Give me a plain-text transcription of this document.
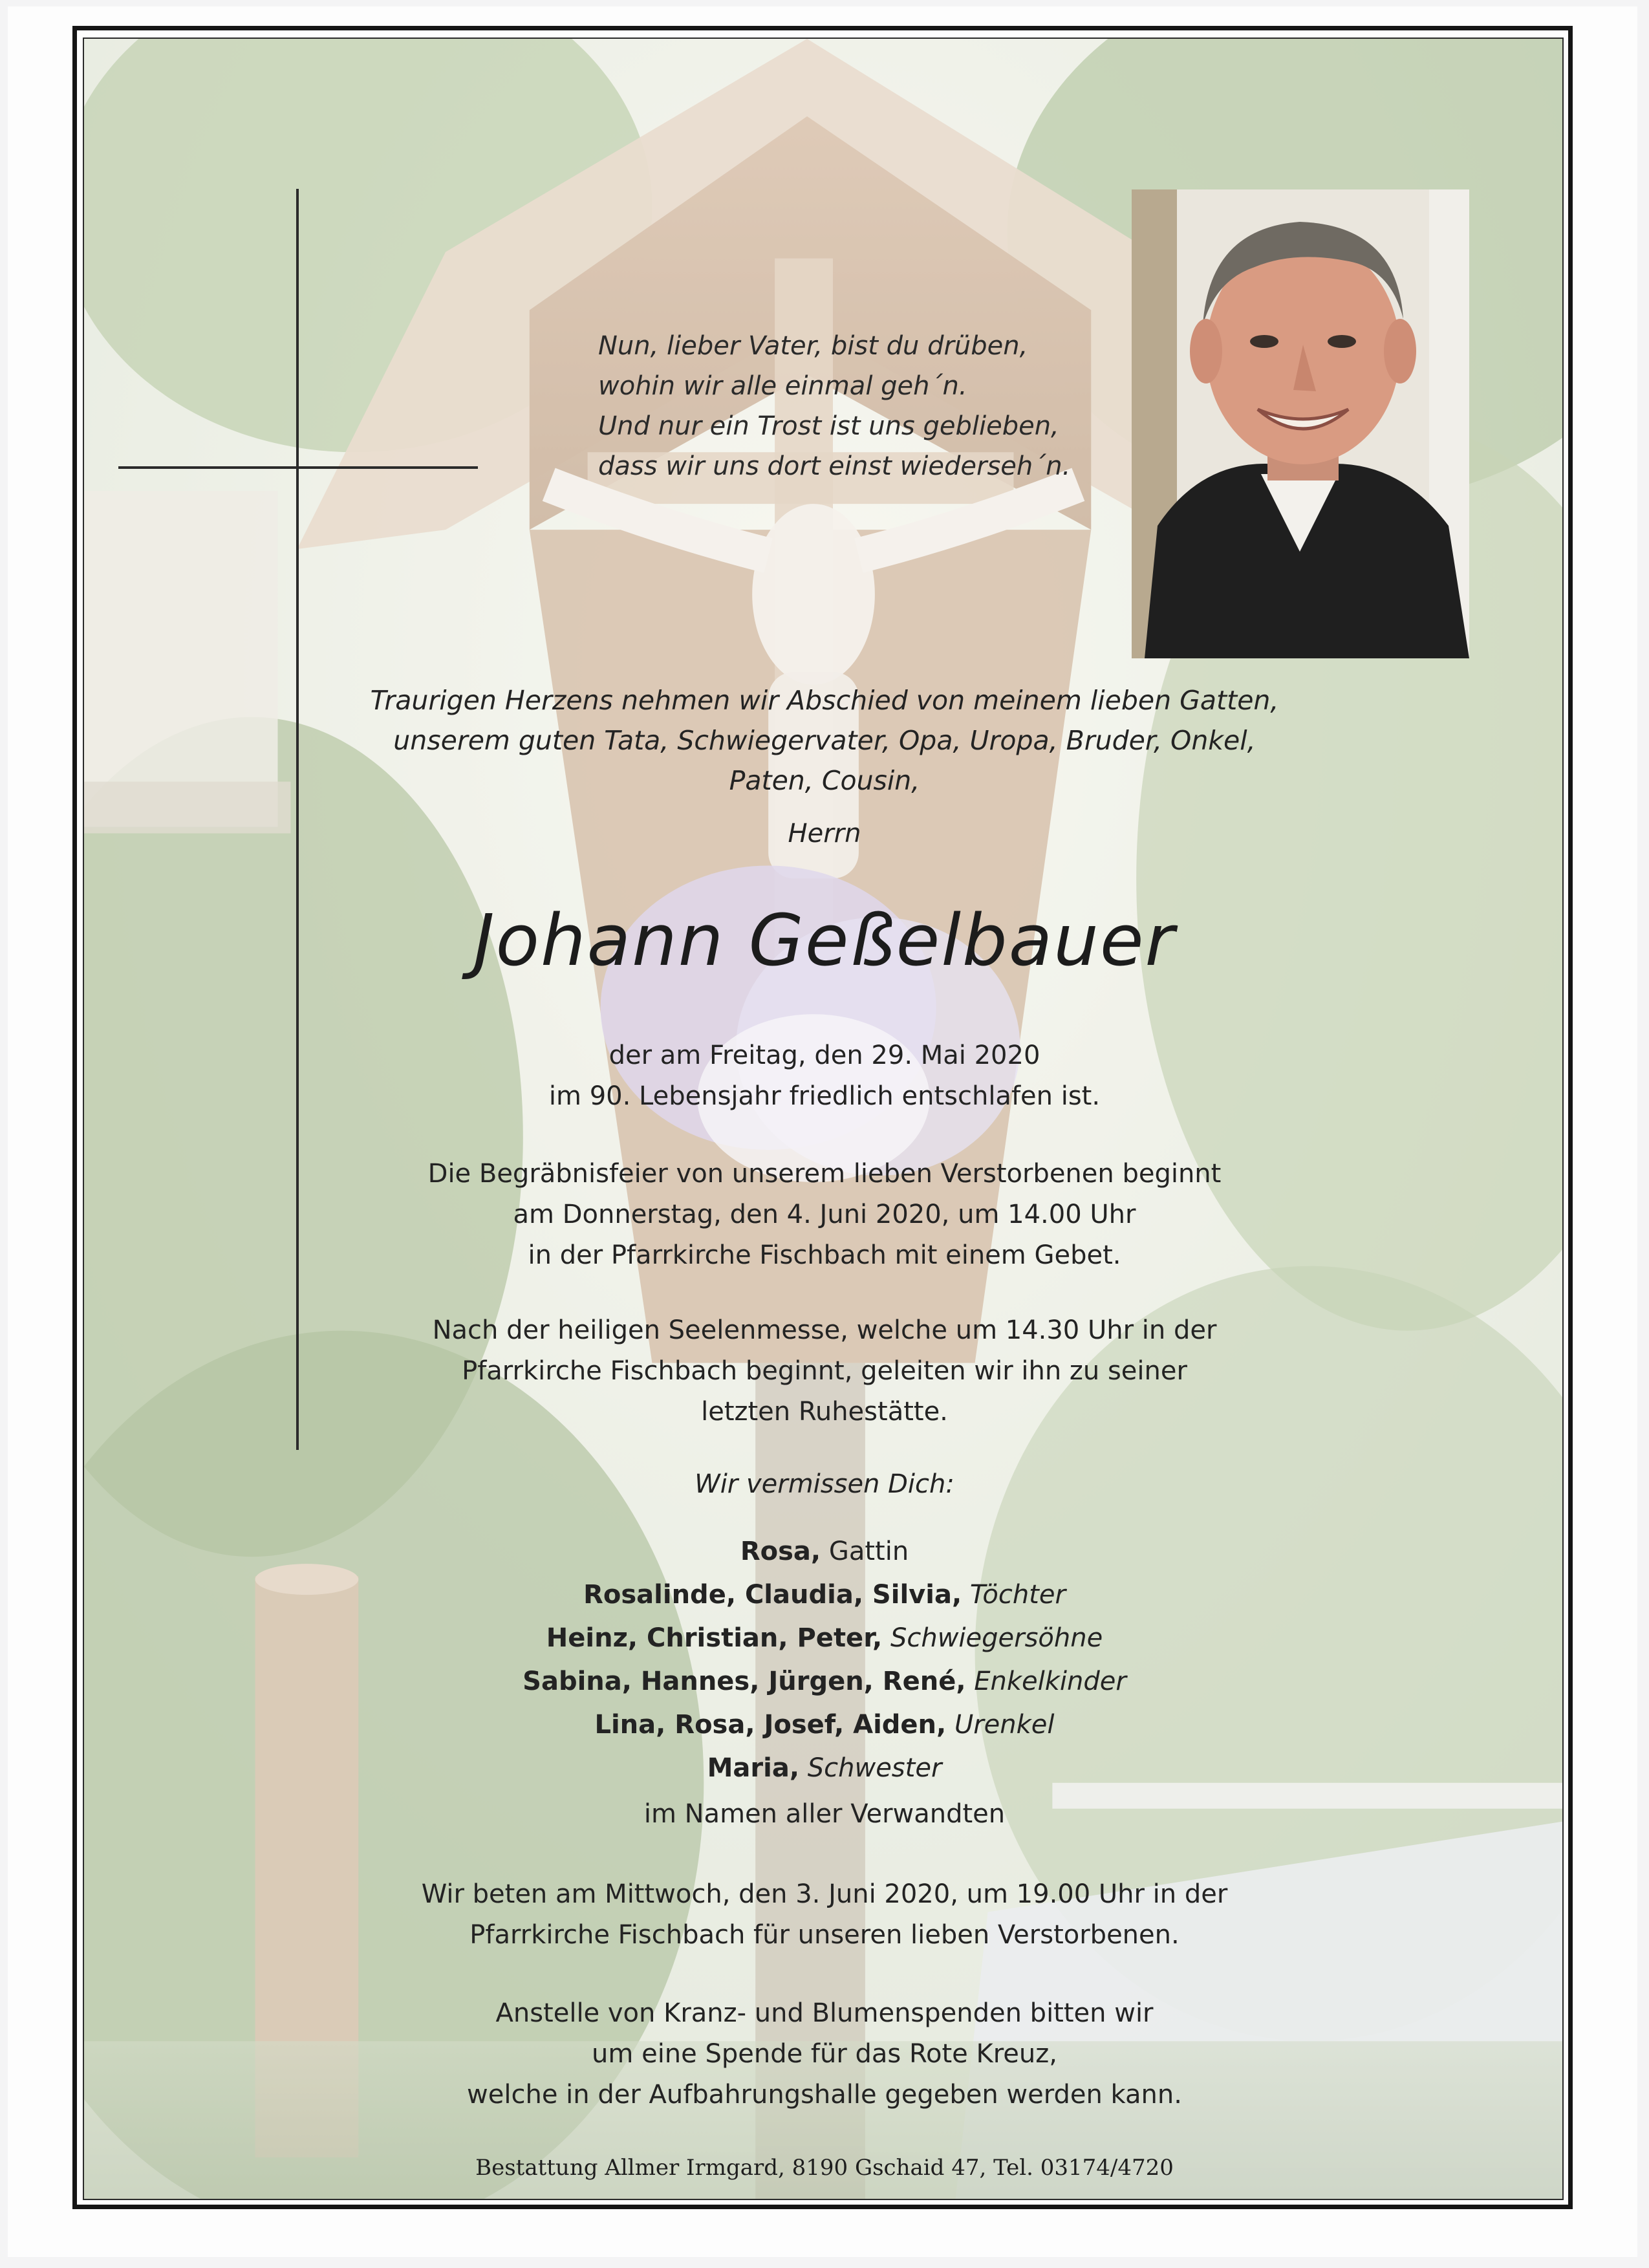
Nun, lieber Vater, bist du drüben,
wohin wir alle einmal geh´n.
Und nur ein Trost ist uns geblieben,
dass wir uns dort einst wiederseh´n.
Traurigen Herzens nehmen wir Abschied von meinem lieben Gatten,
unserem guten Tata, Schwiegervater, Opa, Uropa, Bruder, Onkel,
Paten, Cousin,
Herrn
Johann Geßelbauer
der am Freitag, den 29. Mai 2020
im 90. Lebensjahr friedlich entschlafen ist.
Die Begräbnisfeier von unserem lieben Verstorbenen beginnt
am Donnerstag, den 4. Juni 2020, um 14.00 Uhr
in der Pfarrkirche Fischbach mit einem Gebet.
Nach der heiligen Seelenmesse, welche um 14.30 Uhr in der
Pfarrkirche Fischbach beginnt, geleiten wir ihn zu seiner
letzten Ruhestätte.
Wir vermissen Dich:
Rosa, Gattin
Rosalinde, Claudia, Silvia, Töchter
Heinz, Christian, Peter, Schwiegersöhne
Sabina, Hannes, Jürgen, René, Enkelkinder
Lina, Rosa, Josef, Aiden, Urenkel
Maria, Schwester
im Namen aller Verwandten
Wir beten am Mittwoch, den 3. Juni 2020, um 19.00 Uhr in der
Pfarrkirche Fischbach für unseren lieben Verstorbenen.
Anstelle von Kranz- und Blumenspenden bitten wir
um eine Spende für das Rote Kreuz,
welche in der Aufbahrungshalle gegeben werden kann.
Bestattung Allmer Irmgard, 8190 Gschaid 47, Tel. 03174/4720
